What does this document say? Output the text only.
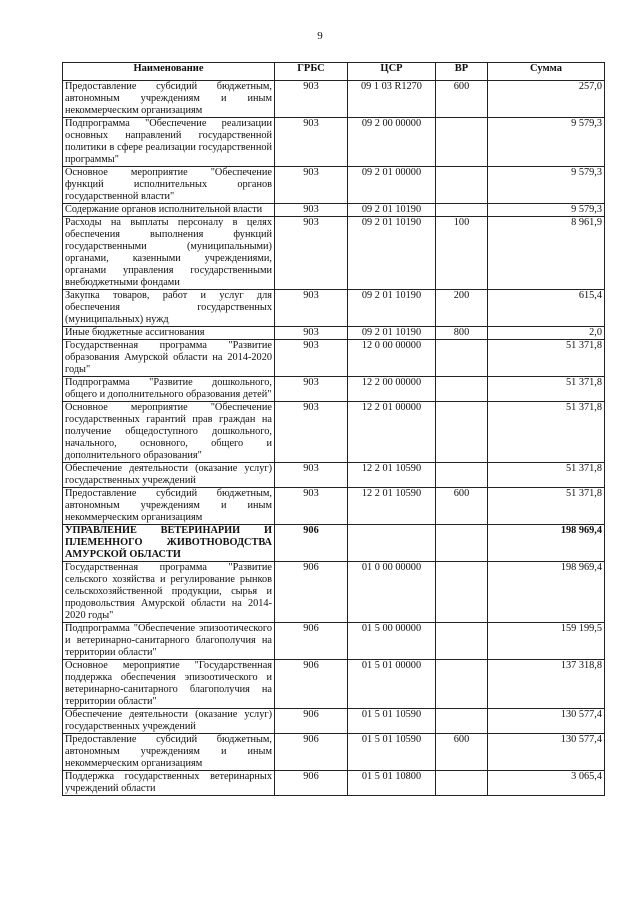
9
Наименование	ГРБС	ЦСР	ВР	Сумма
Предоставление субсидий бюджетным, автономным учреждениям и иным некоммерческим организациям	903	09 1 03 R1270	600	257,0
Подпрограмма "Обеспечение реализации основных направлений государственной политики в сфере реализации государственной программы"	903	09 2 00 00000		9 579,3
Основное мероприятие "Обеспечение функций исполнительных органов государственной власти"	903	09 2 01 00000		9 579,3
Содержание органов исполнительной власти	903	09 2 01 10190		9 579,3
Расходы на выплаты персоналу в целях обеспечения выполнения функций государственными (муниципальными) органами, казенными учреждениями, органами управления государственными внебюджетными фондами	903	09 2 01 10190	100	8 961,9
Закупка товаров, работ и услуг для обеспечения государственных (муниципальных) нужд	903	09 2 01 10190	200	615,4
Иные бюджетные ассигнования	903	09 2 01 10190	800	2,0
Государственная программа "Развитие образования Амурской области на 2014-2020 годы"	903	12 0 00 00000		51 371,8
Подпрограмма "Развитие дошкольного, общего и дополнительного образования детей"	903	12 2 00 00000		51 371,8
Основное мероприятие "Обеспечение государственных гарантий прав граждан на получение общедоступного дошкольного, начального, основного, общего и дополнительного образования"	903	12 2 01 00000		51 371,8
Обеспечение деятельности (оказание услуг) государственных учреждений	903	12 2 01 10590		51 371,8
Предоставление субсидий бюджетным, автономным учреждениям и иным некоммерческим организациям	903	12 2 01 10590	600	51 371,8
УПРАВЛЕНИЕ ВЕТЕРИНАРИИ И ПЛЕМЕННОГО ЖИВОТНОВОДСТВА АМУРСКОЙ ОБЛАСТИ	906			198 969,4
Государственная программа "Развитие сельского хозяйства и регулирование рынков сельскохозяйственной продукции, сырья и продовольствия Амурской области на 2014-2020 годы"	906	01 0 00 00000		198 969,4
Подпрограмма "Обеспечение эпизоотического и ветеринарно-санитарного благополучия на территории области"	906	01 5 00 00000		159 199,5
Основное мероприятие "Государственная поддержка обеспечения эпизоотического и ветеринарно-санитарного благополучия на территории области"	906	01 5 01 00000		137 318,8
Обеспечение деятельности (оказание услуг) государственных учреждений	906	01 5 01 10590		130 577,4
Предоставление субсидий бюджетным, автономным учреждениям и иным некоммерческим организациям	906	01 5 01 10590	600	130 577,4
Поддержка государственных ветеринарных учреждений области	906	01 5 01 10800		3 065,4
